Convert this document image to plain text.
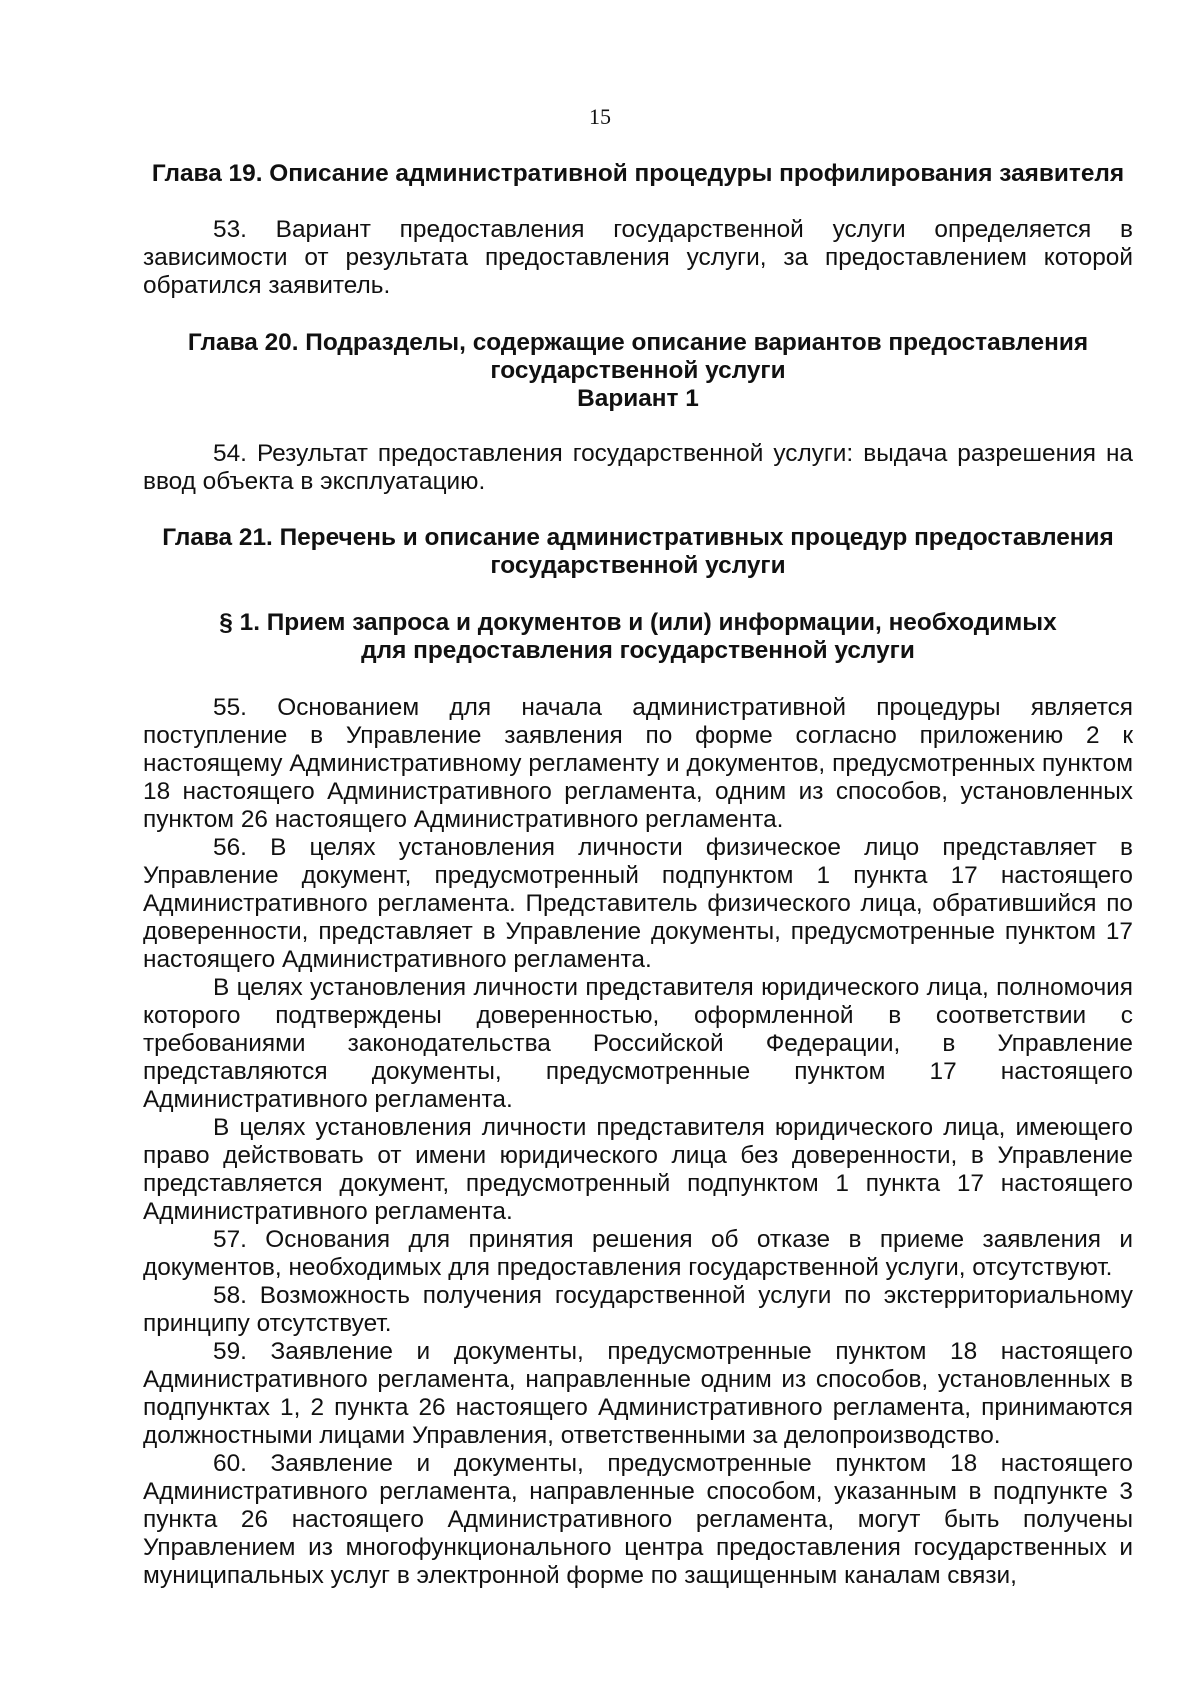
15

Глава 19. Описание административной процедуры профилирования заявителя

53. Вариант предоставления государственной услуги определяется в зависимости от результата предоставления услуги, за предоставлением которой обратился заявитель.

Глава 20. Подразделы, содержащие описание вариантов предоставления
государственной услуги
Вариант 1

54. Результат предоставления государственной услуги: выдача разрешения на ввод объекта в эксплуатацию.

Глава 21. Перечень и описание административных процедур предоставления
государственной услуги
§ 1. Прием запроса и документов и (или) информации, необходимых
для предоставления государственной услуги

55. Основанием для начала административной процедуры является поступление в Управление заявления по форме согласно приложению 2 к настоящему Административному регламенту и документов, предусмотренных пунктом 18 настоящего Административного регламента, одним из способов, установленных пунктом 26 настоящего Административного регламента.

56. В целях установления личности физическое лицо представляет в Управление документ, предусмотренный подпунктом 1 пункта 17 настоящего Административного регламента. Представитель физического лица, обратившийся по доверенности, представляет в Управление документы, предусмотренные пунктом 17 настоящего Административного регламента.

В целях установления личности представителя юридического лица, полномочия которого подтверждены доверенностью, оформленной в соответствии с требованиями законодательства Российской Федерации, в Управление представляются документы, предусмотренные пунктом 17 настоящего Административного регламента.

В целях установления личности представителя юридического лица, имеющего право действовать от имени юридического лица без доверенности, в Управление представляется документ, предусмотренный подпунктом 1 пункта 17 настоящего Административного регламента.

57. Основания для принятия решения об отказе в приеме заявления и документов, необходимых для предоставления государственной услуги, отсутствуют.

58. Возможность получения государственной услуги по экстерриториальному принципу отсутствует.

59. Заявление и документы, предусмотренные пунктом 18 настоящего Административного регламента, направленные одним из способов, установленных в подпунктах 1, 2 пункта 26 настоящего Административного регламента, принимаются должностными лицами Управления, ответственными за делопроизводство.

60. Заявление и документы, предусмотренные пунктом 18 настоящего Административного регламента, направленные способом, указанным в подпункте 3 пункта 26 настоящего Административного регламента, могут быть получены Управлением из многофункционального центра предоставления государственных и муниципальных услуг в электронной форме по защищенным каналам связи,
